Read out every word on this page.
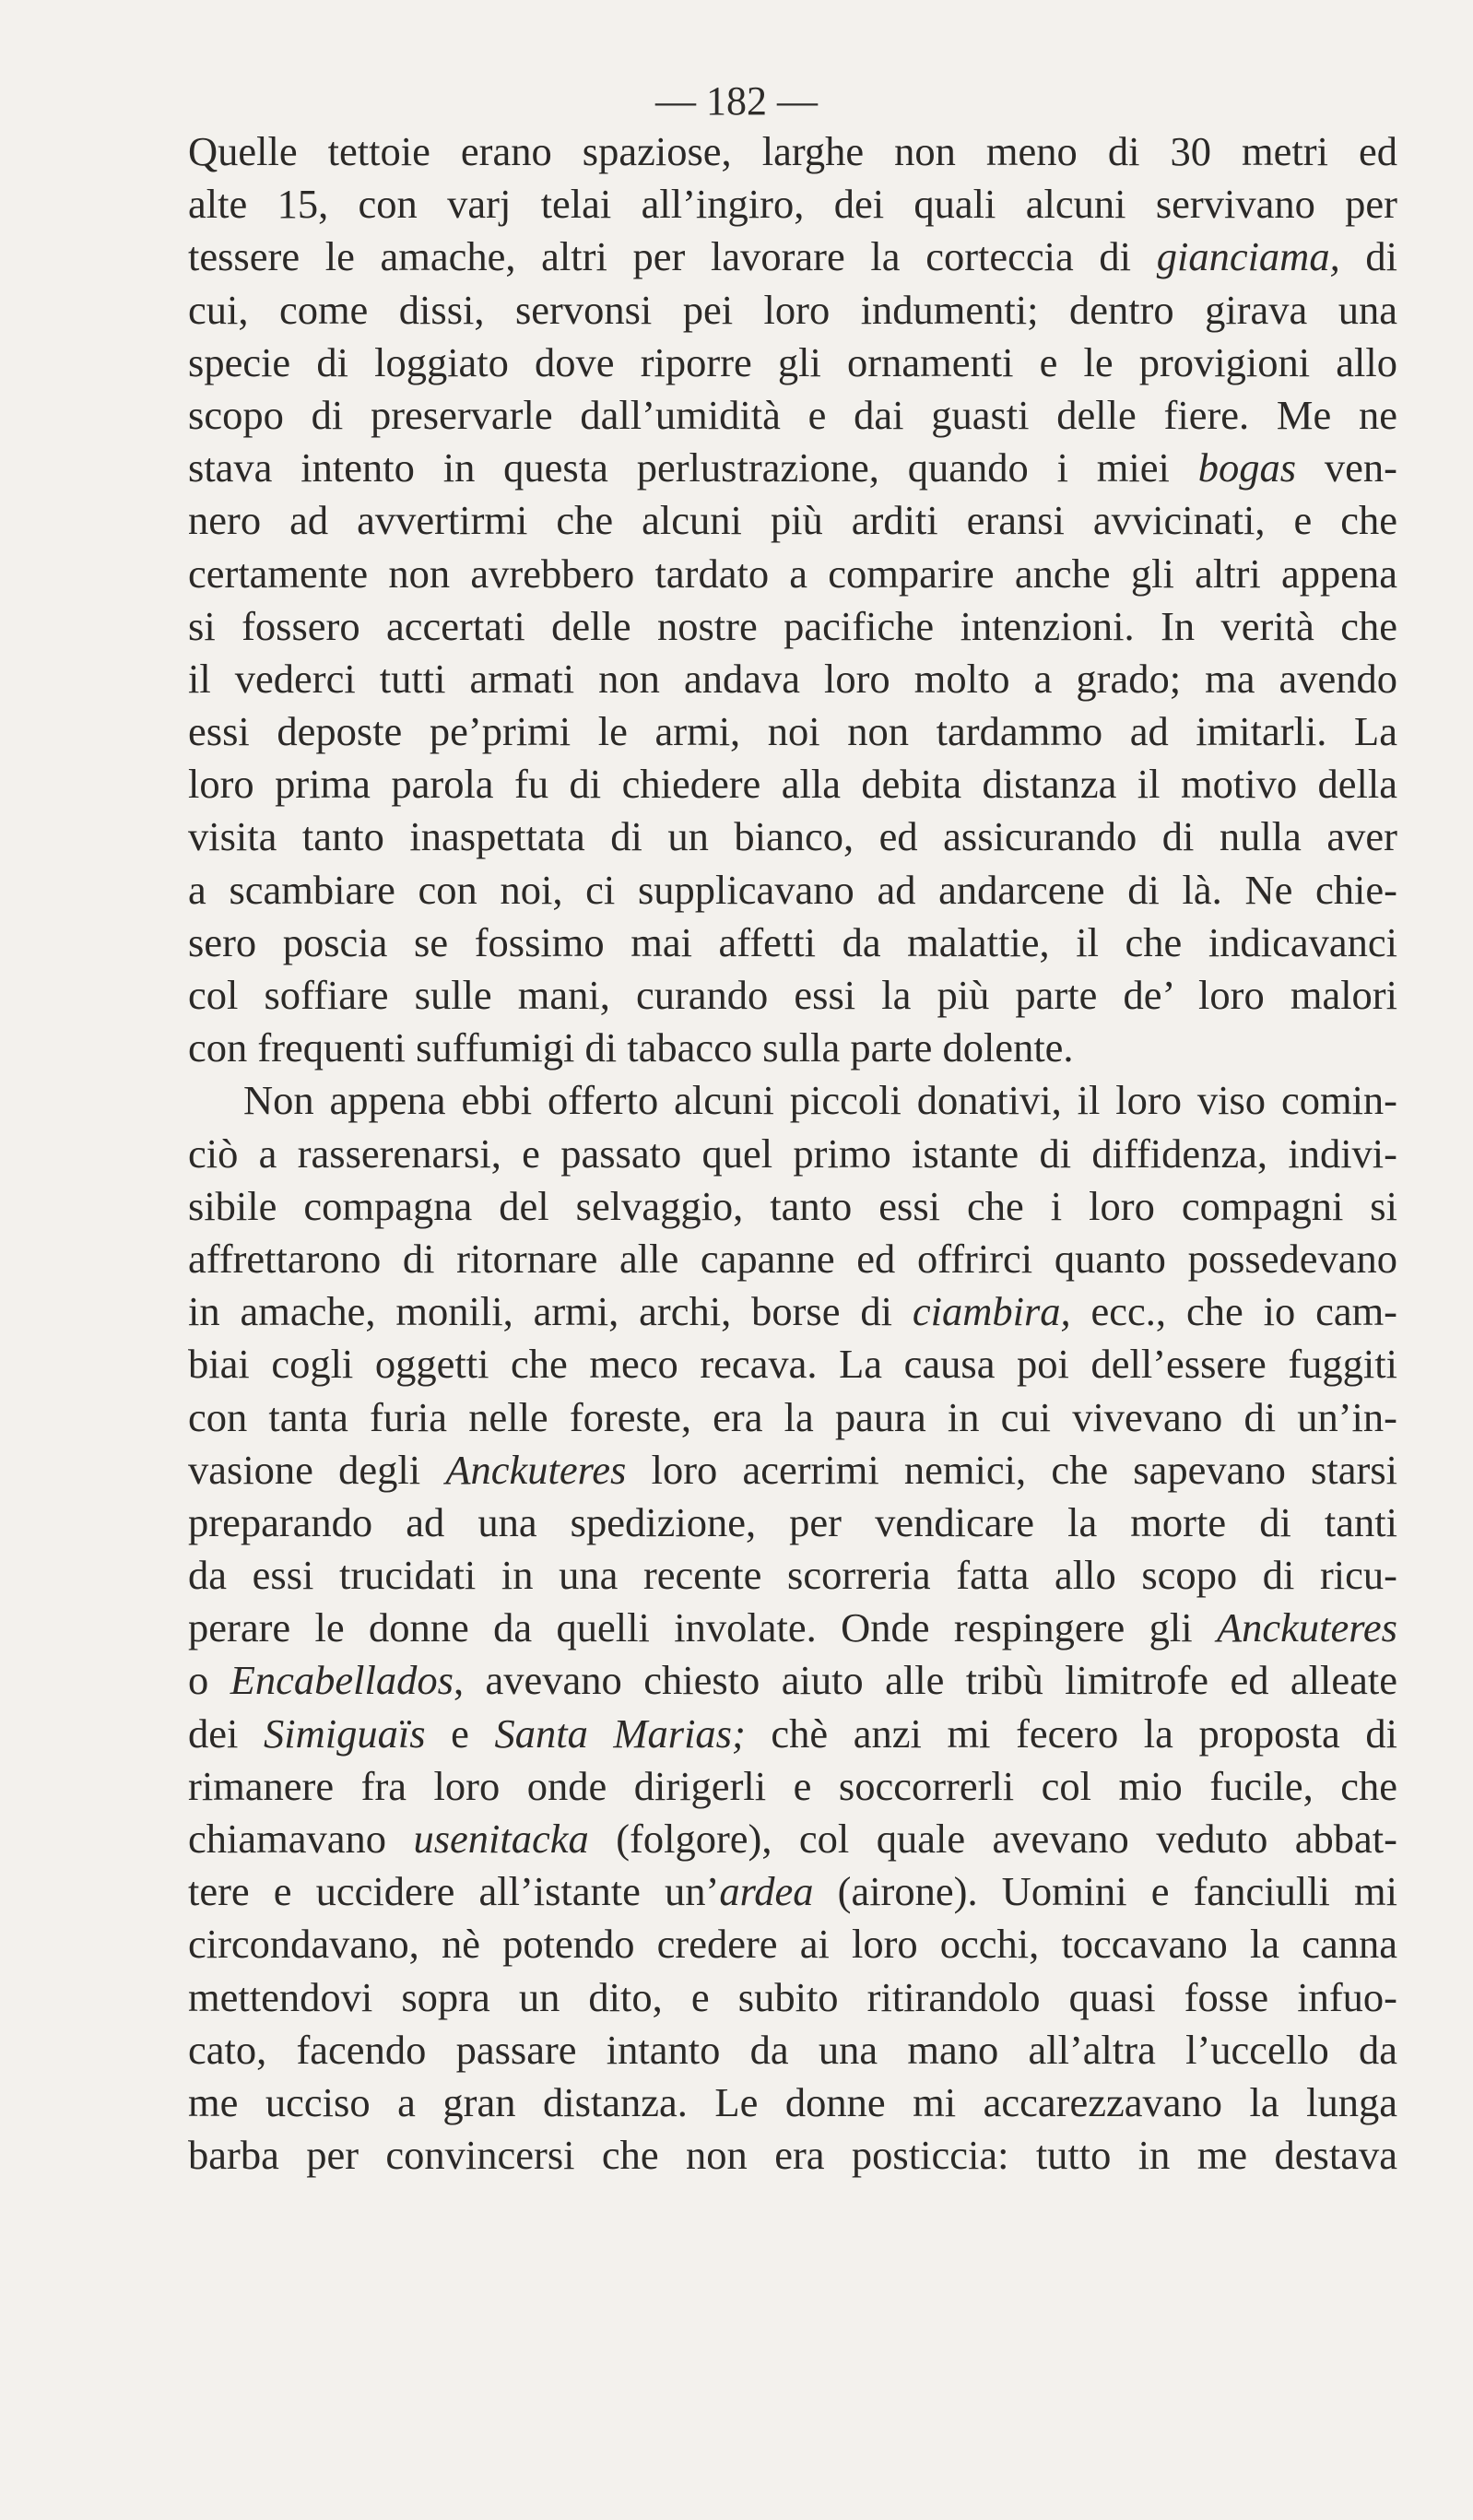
— 182 —
Quelle tettoie erano spaziose, larghe non meno di 30 metri ed
alte 15, con varj telai all’ingiro, dei quali alcuni servivano per
tessere le amache, altri per lavorare la corteccia di gianciama, di
cui, come dissi, servonsi pei loro indumenti; dentro girava una
specie di loggiato dove riporre gli ornamenti e le provigioni allo
scopo di preservarle dall’umidità e dai guasti delle fiere. Me ne
stava intento in questa perlustrazione, quando i miei bogas ven-
nero ad avvertirmi che alcuni più arditi eransi avvicinati, e che
certamente non avrebbero tardato a comparire anche gli altri appena
si fossero accertati delle nostre pacifiche intenzioni. In verità che
il vederci tutti armati non andava loro molto a grado; ma avendo
essi deposte pe’primi le armi, noi non tardammo ad imitarli. La
loro prima parola fu di chiedere alla debita distanza il motivo della
visita tanto inaspettata di un bianco, ed assicurando di nulla aver
a scambiare con noi, ci supplicavano ad andarcene di là. Ne chie-
sero poscia se fossimo mai affetti da malattie, il che indicavanci
col soffiare sulle mani, curando essi la più parte de’ loro malori
con frequenti suffumigi di tabacco sulla parte dolente.
Non appena ebbi offerto alcuni piccoli donativi, il loro viso comin-
ciò a rasserenarsi, e passato quel primo istante di diffidenza, indivi-
sibile compagna del selvaggio, tanto essi che i loro compagni si
affrettarono di ritornare alle capanne ed offrirci quanto possedevano
in amache, monili, armi, archi, borse di ciambira, ecc., che io cam-
biai cogli oggetti che meco recava. La causa poi dell’essere fuggiti
con tanta furia nelle foreste, era la paura in cui vivevano di un’in-
vasione degli Anckuteres loro acerrimi nemici, che sapevano starsi
preparando ad una spedizione, per vendicare la morte di tanti
da essi trucidati in una recente scorreria fatta allo scopo di ricu-
perare le donne da quelli involate. Onde respingere gli Anckuteres
o Encabellados, avevano chiesto aiuto alle tribù limitrofe ed alleate
dei Simiguaïs e Santa Marias; chè anzi mi fecero la proposta di
rimanere fra loro onde dirigerli e soccorrerli col mio fucile, che
chiamavano usenitacka (folgore), col quale avevano veduto abbat-
tere e uccidere all’istante un’ardea (airone). Uomini e fanciulli mi
circondavano, nè potendo credere ai loro occhi, toccavano la canna
mettendovi sopra un dito, e subito ritirandolo quasi fosse infuo-
cato, facendo passare intanto da una mano all’altra l’uccello da
me ucciso a gran distanza. Le donne mi accarezzavano la lunga
barba per convincersi che non era posticcia: tutto in me destava
